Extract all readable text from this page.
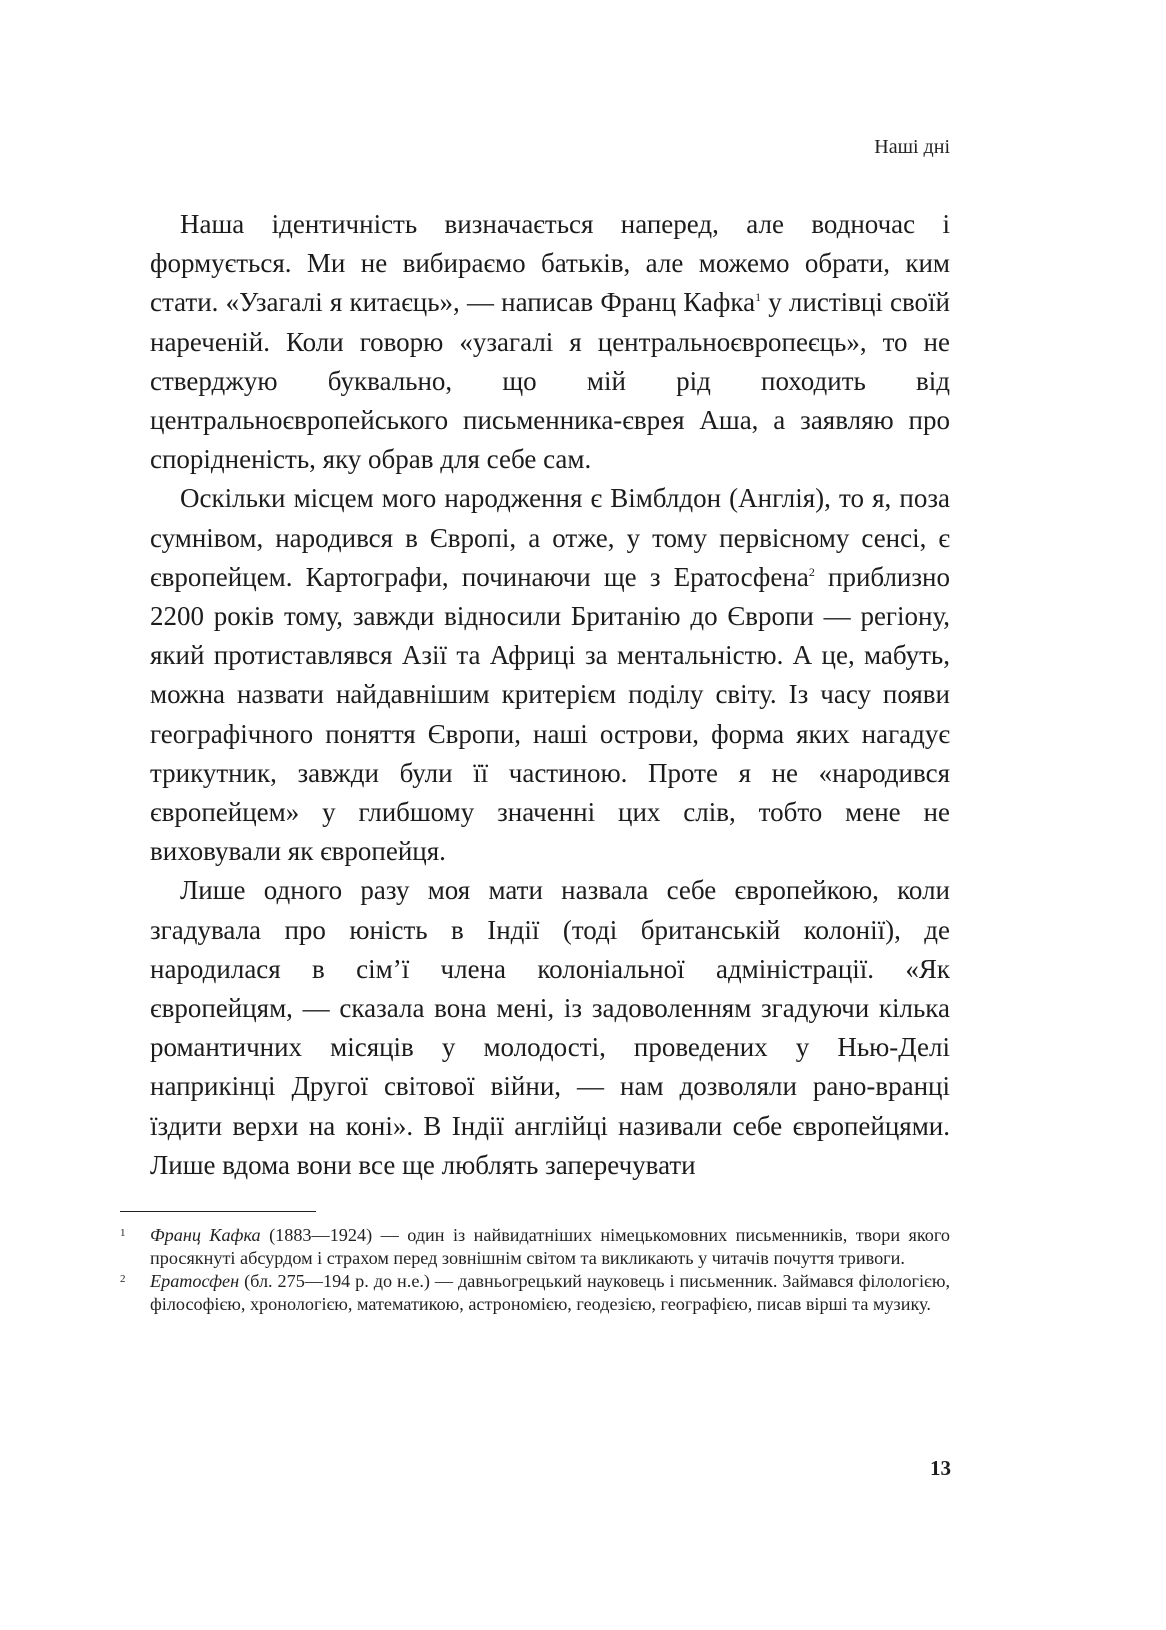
Наші дні

Наша ідентичність визначається наперед, але водночас і формується. Ми не вибираємо батьків, але можемо обрати, ким стати. «Узагалі я китаєць», — написав Франц Кафка$^1$ у листівці своїй нареченій. Коли говорю «узагалі я центральноєвропеєць», то не стверджую буквально, що мій рід походить від центральноєвропейського письменника-єврея Аша, а заявляю про спорідненість, яку обрав для себе сам.

Оскільки місцем мого народження є Вімблдон (Англія), то я, поза сумнівом, народився в Європі, а отже, у тому первісному сенсі, є європейцем. Картографи, починаючи ще з Ератосфена$^2$ приблизно 2200 років тому, завжди відносили Британію до Європи — регіону, який протиставлявся Азії та Африці за ментальністю. А це, мабуть, можна назвати найдавнішим критерієм поділу світу. Із часу появи географічного поняття Європи, наші острови, форма яких нагадує трикутник, завжди були її частиною. Проте я не «народився європейцем» у глибшому значенні цих слів, тобто мене не виховували як європейця.

Лише одного разу моя мати назвала себе європейкою, коли згадувала про юність в Індії (тоді британській колонії), де народилася в сім’ї члена колоніальної адміністрації. «Як європейцям, — сказала вона мені, із задоволенням згадуючи кілька романтичних місяців у молодості, проведених у Нью-Делі наприкінці Другої світової війни, — нам дозволяли рано-вранці їздити верхи на коні». В Індії англійці називали себе європейцями. Лише вдома вони все ще люблять заперечувати

1 Франц Кафка (1883—1924) — один із найвидатніших німецькомовних письменників, твори якого просякнуті абсурдом і страхом перед зовнішнім світом та викликають у читачів почуття тривоги.
2 Ератосфен (бл. 275—194 р. до н.е.) — давньогрецький науковець і письменник. Займався філологією, філософією, хронологією, математикою, астрономією, геодезією, географією, писав вірші та музику.
13
